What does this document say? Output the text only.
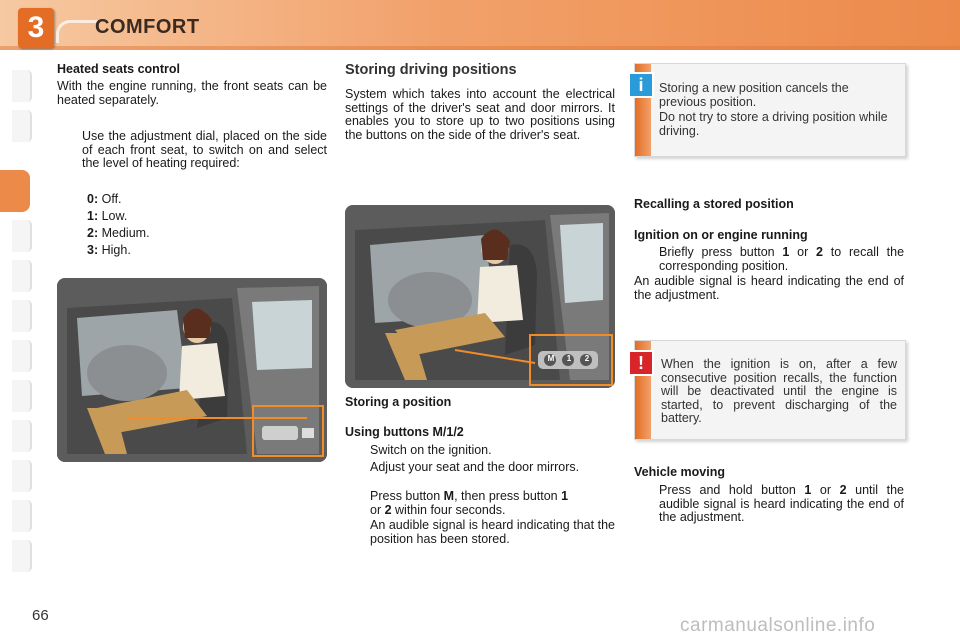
3	COMFORT
Heated seats control
With the engine running, the front seats can be heated separately.
Use the adjustment dial, placed on the side of each front seat, to switch on and select the level of heating required:
0: Off.
1: Low.
2: Medium.
3: High.
Storing driving positions
System which takes into account the electrical settings of the driver's seat and door mirrors. It enables you to store up to two positions using the buttons on the side of the driver's seat.
M	1	2
Storing a position
Using buttons M/1/2
Switch on the ignition.
Adjust your seat and the door mirrors.
Press button M, then press button 1
or 2 within four seconds.
An audible signal is heard indicating that the position has been stored.
Storing a new position cancels the previous position.
Do not try to store a driving position while driving.
i
Recalling a stored position
Ignition on or engine running
Briefly press button 1 or 2 to recall the corresponding position.
An audible signal is heard indicating the end of the adjustment.
When the ignition is on, after a few consecutive position recalls, the function will be deactivated until the engine is started, to prevent discharging of the battery.
!
Vehicle moving
Press and hold button 1 or 2 until the audible signal is heard indicating the end of the adjustment.
66	carmanualsonline.info
